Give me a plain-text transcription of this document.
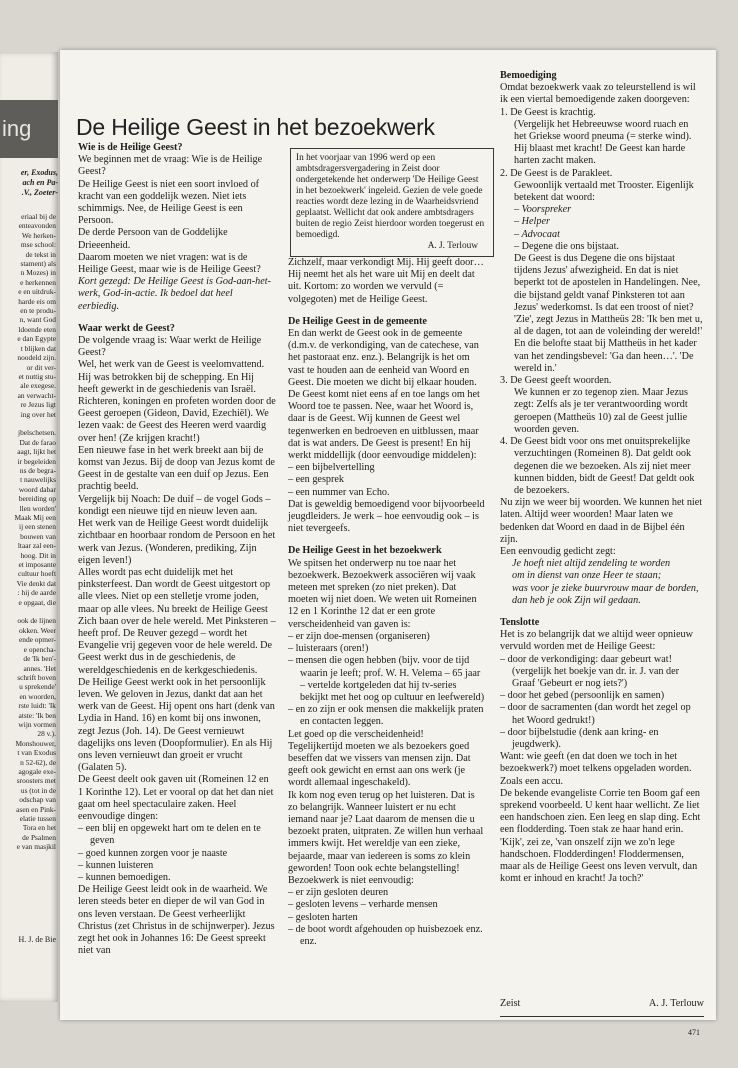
ing
er, Exodus,
ach en Pa-
.V., Zoeter-
eriaal bij de
enteavonden
We herken-
mse school:
de tekst in
stament) als
n Mozes) in
e herkennen
e en uitdruk-
harde eis om
en te produ-
n, want God
ldoende eten
e dan Egypte
t blijken dat
noodeld zijn.
or dit ver-
et nuttig stu-
ale exegese.
an verwacht-
re Jezus ligt
ing over het

jbelschetsen.
Dat de farao
aagt, lijkt het
ir begeleiden
ns de begra-
t nauwelijks
woord dabar
bereiding op
llen worden'
Maak Mij een
ij een stenen
bouwen van
ltaar zal een-
hoog. Dit in
et imposante
cultuur hoeft
Vie denkt dat
: hij de aarde
e opgaat, die

ook de lijnen
okken. Weer
ende opmer-
e opencha-
de 'Ik ben'-
annes. 'Het
schrift boven
u sprekende'
en woorden,
rste luidt: 'Ik
atste: 'Ik ben
wijn vormen
28 v.).
Monshouwer,
t van Exodus
n 52-62), de
agogale exe-
sroosters met
us (tot in de
odschap van
asen en Pink-
elatie tussen
Tora en het
de Psalmen
e van masjkil
H. J. de Bie
De Heilige Geest in het bezoekwerk

In het voorjaar van 1996 werd op een ambtsdragersvergadering in Zeist door ondergetekende het onderwerp 'De Heilige Geest in het bezoekwerk' ingeleid. Gezien de vele goede reacties wordt deze lezing in de Waarheidsvriend geplaatst. Wellicht dat ook andere ambtsdragers buiten de regio Zeist hierdoor worden toegerust en bemoedigd.

A. J. Terlouw
Wie is de Heilige Geest?

We beginnen met de vraag: Wie is de Heilige Geest?

De Heilige Geest is niet een soort invloed of kracht van een goddelijk wezen. Niet iets schimmigs. Nee, de Heilige Geest is een Persoon.

De derde Persoon van de Goddelijke Drieeenheid.

Daarom moeten we niet vragen: wat is de Heilige Geest, maar wie is de Heilige Geest?

Kort gezegd: De Heilige Geest is God-aan-het-werk, God-in-actie. Ik bedoel dat heel eerbiedig.

Waar werkt de Geest?

De volgende vraag is: Waar werkt de Heilige Geest?

Wel, het werk van de Geest is veelomvattend. Hij was betrokken bij de schepping. En Hij heeft gewerkt in de geschiedenis van Israël. Richteren, koningen en profeten worden door de Geest geroepen (Gideon, David, Ezechiël). We lezen vaak: de Geest des Heeren werd vaardig over hen! (Ze krijgen kracht!)

Een nieuwe fase in het werk breekt aan bij de komst van Jezus. Bij de doop van Jezus komt de Geest in de gestalte van een duif op Jezus. Een prachtig beeld.

Vergelijk bij Noach: De duif – de vogel Gods – kondigt een nieuwe tijd en nieuw leven aan.

Het werk van de Heilige Geest wordt duidelijk zichtbaar en hoorbaar rondom de Persoon en het werk van Jezus. (Wonderen, prediking, Zijn eigen leven!)

Alles wordt pas echt duidelijk met het pinksterfeest. Dan wordt de Geest uitgestort op alle vlees. Niet op een stelletje vrome joden, maar op alle vlees. Nu breekt de Heilige Geest Zich baan over de hele wereld. Met Pinksteren – heeft prof. De Reuver gezegd – wordt het Evangelie vrij gegeven voor de hele wereld. De Geest werkt dus in de geschiedenis, de wereldgeschiedenis en de kerkgeschiedenis.

De Heilige Geest werkt ook in het persoonlijk leven. We geloven in Jezus, dankt dat aan het werk van de Geest. Hij opent ons hart (denk van Lydia in Hand. 16) en komt bij ons inwonen, zegt Jezus (Joh. 14). De Geest vernieuwt dagelijks ons leven (Doopformulier). En als Hij ons leven vernieuwt dan groeit er vrucht (Galaten 5).

De Geest deelt ook gaven uit (Romeinen 12 en 1 Korinthe 12). Let er vooral op dat het dan niet gaat om heel spectaculaire zaken. Heel eenvoudige dingen:

– een blij en opgewekt hart om te delen en te geven

– goed kunnen zorgen voor je naaste

– kunnen luisteren

– kunnen bemoedigen.

De Heilige Geest leidt ook in de waarheid. We leren steeds beter en dieper de wil van God in ons leven verstaan. De Geest verheerlijkt Christus (zet Christus in de schijnwerper). Jezus zegt het ook in Johannes 16: De Geest spreekt niet van

Zichzelf, maar verkondigt Mij. Hij geeft door… Hij neemt het als het ware uit Mij en deelt dat uit. Kortom: zo worden we vervuld (= volgegoten) met de Heilige Geest.

De Heilige Geest in de gemeente

En dan werkt de Geest ook in de gemeente (d.m.v. de verkondiging, van de catechese, van het pastoraat enz. enz.). Belangrijk is het om vast te houden aan de eenheid van Woord en Geest. Die moeten we dicht bij elkaar houden. De Geest komt niet eens af en toe langs om het Woord toe te passen. Nee, waar het Woord is, daar is de Geest. Wij kunnen de Geest wel tegenwerken en bedroeven en uitblussen, maar dat is wat anders. De Geest is present! En hij werkt middellijk (door eenvoudige middelen):

– een bijbelvertelling

– een gesprek

– een nummer van Echo.

Dat is geweldig bemoedigend voor bijvoorbeeld jeugdleiders. Je werk – hoe eenvoudig ook – is niet tevergeefs.

De Heilige Geest in het bezoekwerk

We spitsen het onderwerp nu toe naar het bezoekwerk. Bezoekwerk associëren wij vaak meteen met spreken (zo niet preken). Dat moeten wij niet doen. We weten uit Romeinen 12 en 1 Korinthe 12 dat er een grote verscheidenheid van gaven is:

– er zijn doe-mensen (organiseren)

– luisteraars (oren!)

– mensen die ogen hebben (bijv. voor de tijd waarin je leeft; prof. W. H. Velema – 65 jaar – vertelde kortgeleden dat hij tv-series bekijkt met het oog op cultuur en leefwereld)

– en zo zijn er ook mensen die makkelijk praten en contacten leggen.

Let goed op die verscheidenheid!

Tegelijkertijd moeten we als bezoekers goed beseffen dat we vissers van mensen zijn. Dat geeft ook gewicht en ernst aan ons werk (je wordt allemaal ingeschakeld).

Ik kom nog even terug op het luisteren. Dat is zo belangrijk. Wanneer luistert er nu echt iemand naar je? Laat daarom de mensen die u bezoekt praten, uitpraten. Ze willen hun verhaal immers kwijt. Het wereldje van een zieke, bejaarde, maar van iedereen is soms zo klein geworden! Toon ook echte belangstelling!

Bezoekwerk is niet eenvoudig:

– er zijn gesloten deuren

– gesloten levens – verharde mensen

– gesloten harten

– de boot wordt afgehouden op huisbezoek enz. enz.

Bemoediging

Omdat bezoekwerk vaak zo teleurstellend is wil ik een viertal bemoedigende zaken doorgeven:

1. De Geest is krachtig.

(Vergelijk het Hebreeuwse woord ruach en het Griekse woord pneuma (= sterke wind). Hij blaast met kracht! De Geest kan harde harten zacht maken.

2. De Geest is de Parakleet.

Gewoonlijk vertaald met Trooster. Eigenlijk betekent dat woord:

– Voorspreker

– Helper

– Advocaat

– Degene die ons bijstaat.

De Geest is dus Degene die ons bijstaat tijdens Jezus' afwezigheid. En dat is niet beperkt tot de apostelen in Handelingen. Nee, die bijstand geldt vanaf Pinksteren tot aan Jezus' wederkomst. Is dat een troost of niet?

'Zie', zegt Jezus in Mattheüs 28: 'Ik ben met u, al de dagen, tot aan de voleinding der wereld!'

En die belofte staat bij Mattheüs in het kader van het zendingsbevel: 'Ga dan heen…'. 'De wereld in.'

3. De Geest geeft woorden.

We kunnen er zo tegenop zien. Maar Jezus zegt: Zelfs als je ter verantwoording wordt geroepen (Mattheüs 10) zal de Geest jullie woorden geven.

4. De Geest bidt voor ons met onuitsprekelijke verzuchtingen (Romeinen 8). Dat geldt ook degenen die we bezoeken. Als zij niet meer kunnen bidden, bidt de Geest! Dat geldt ook de bezoekers.

Nu zijn we weer bij woorden. We kunnen het niet laten. Altijd weer woorden! Maar laten we bedenken dat Woord en daad in de Bijbel één zijn.

Een eenvoudig gedicht zegt:

Je hoeft niet altijd zendeling te worden

om in dienst van onze Heer te staan;

was voor je zieke buurvrouw maar de borden,

dan heb je ook Zijn wil gedaan.

Tenslotte

Het is zo belangrijk dat we altijd weer opnieuw vervuld worden met de Heilige Geest:

– door de verkondiging: daar gebeurt wat! (vergelijk het boekje van dr. ir. J. van der Graaf 'Gebeurt er nog iets?')

– door het gebed (persoonlijk en samen)

– door de sacramenten (dan wordt het zegel op het Woord gedrukt!)

– door bijbelstudie (denk aan kring- en jeugdwerk).

Want: wie geeft (en dat doen we toch in het bezoekwerk?) moet telkens opgeladen worden. Zoals een accu.

De bekende evangeliste Corrie ten Boom gaf een sprekend voorbeeld. U kent haar wellicht. Ze liet een handschoen zien. Een leeg en slap ding. Echt een flodderding. Toen stak ze haar hand erin. 'Kijk', zei ze, 'van onszelf zijn we zo'n lege handschoen. Flodderdingen! Floddermensen, maar als de Heilige Geest ons leven vervult, dan komt er inhoud en kracht! Ja toch?'

Zeist	A. J. Terlouw
471
